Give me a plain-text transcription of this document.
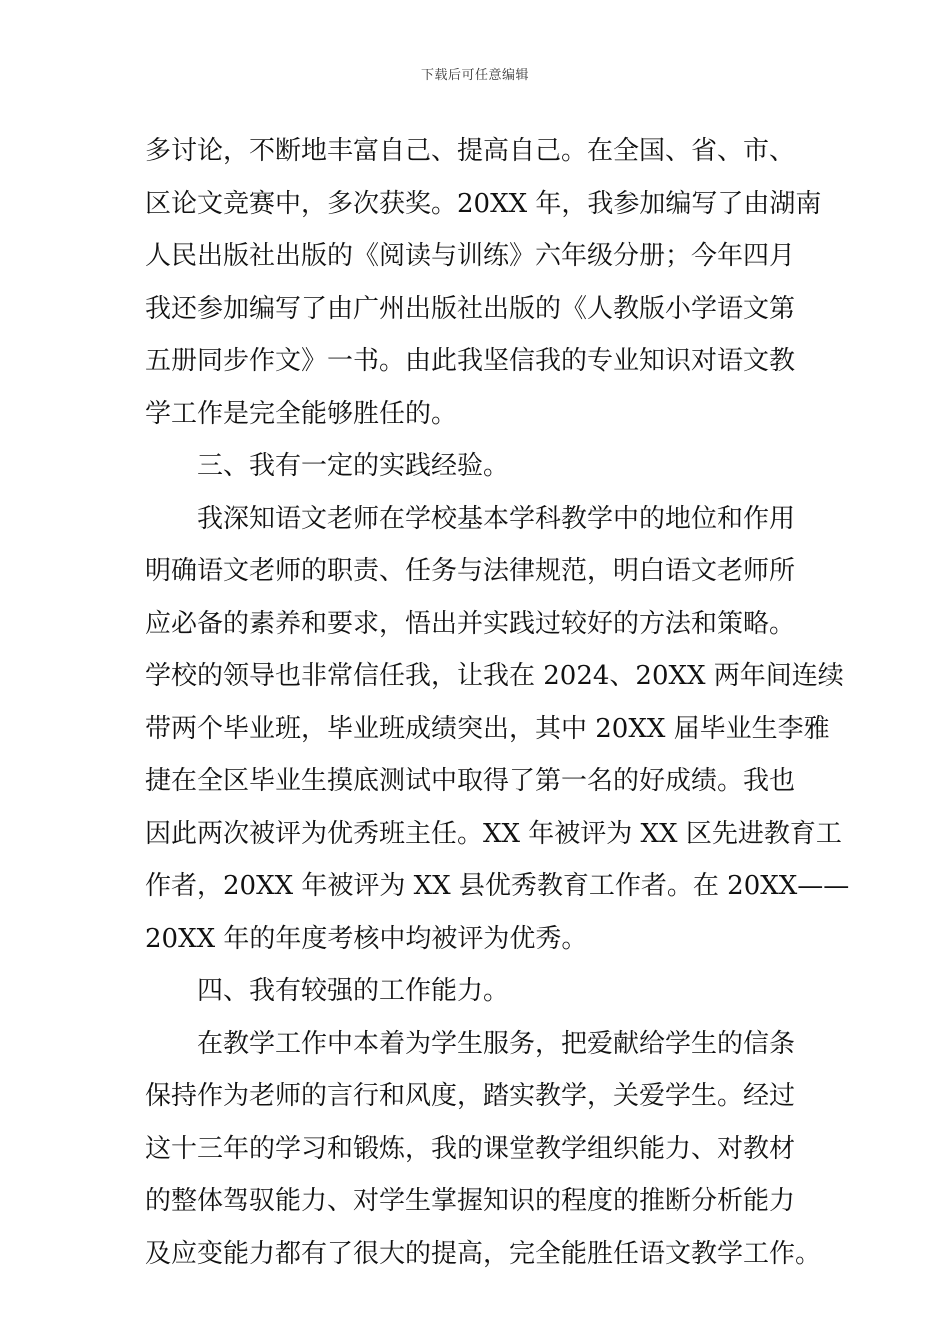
下载后可任意编辑
多讨论，不断地丰富自己、提高自己。在全国、省、市、
区论文竞赛中，多次获奖。20XX 年，我参加编写了由湖南
人民出版社出版的《阅读与训练》六年级分册；今年四月
我还参加编写了由广州出版社出版的《人教版小学语文第
五册同步作文》一书。由此我坚信我的专业知识对语文教
学工作是完全能够胜任的。
三、我有一定的实践经验。
我深知语文老师在学校基本学科教学中的地位和作用
明确语文老师的职责、任务与法律规范，明白语文老师所
应必备的素养和要求，悟出并实践过较好的方法和策略。
学校的领导也非常信任我，让我在 2024、20XX 两年间连续
带两个毕业班，毕业班成绩突出，其中 20XX 届毕业生李雅
捷在全区毕业生摸底测试中取得了第一名的好成绩。我也
因此两次被评为优秀班主任。XX 年被评为 XX 区先进教育工
作者，20XX 年被评为 XX 县优秀教育工作者。在 20XX——
20XX 年的年度考核中均被评为优秀。
四、我有较强的工作能力。
在教学工作中本着为学生服务，把爱献给学生的信条
保持作为老师的言行和风度，踏实教学，关爱学生。经过
这十三年的学习和锻炼，我的课堂教学组织能力、对教材
的整体驾驭能力、对学生掌握知识的程度的推断分析能力
及应变能力都有了很大的提高，完全能胜任语文教学工作。
